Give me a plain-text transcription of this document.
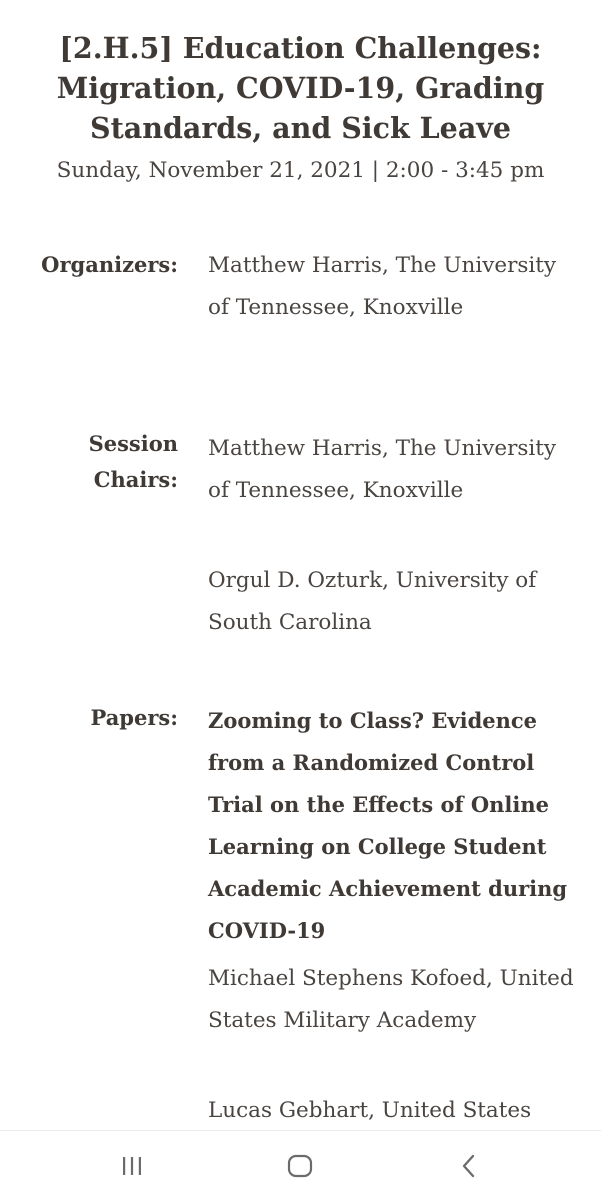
[2.H.5] Education Challenges: Migration, COVID-19, Grading Standards, and Sick Leave
Sunday, November 21, 2021 | 2:00 - 3:45 pm
Organizers: Matthew Harris, The University of Tennessee, Knoxville
Session Chairs:
Matthew Harris, The University of Tennessee, Knoxville
Orgul D. Ozturk, University of South Carolina
Papers: Zooming to Class? Evidence from a Randomized Control Trial on the Effects of Online Learning on College Student Academic Achievement during COVID-19
Michael Stephens Kofoed, United States Military Academy
Lucas Gebhart, United States
